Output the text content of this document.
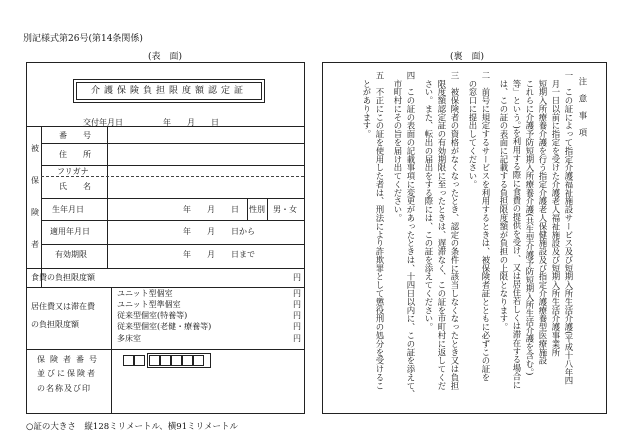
別記様式第26号(第14条関係)
(表　面)	(裏　面)
介護保険負担限度額認定証
交付年月日　　　　　年　　月　　日
被
保
険
者
番　　号
住　　所
フリガナ
氏　　名
生年月日	年　　月　　日 性別 男・女
適用年月日	年　　月　　日から
有効期限	年　　月　　日まで
食費の負担限度額	円
居住費又は滞在費
の負担限度額
ユニット型個室	円
ユニット型準個室	円
従来型個室(特養等)	円
従来型個室(老健・療養等)	円
多床室	円
保険者番号
並びに保険者
の名称及び印
○証の大きさ　縦128ミリメートル、横91ミリメートル
注 意 事 項
一　この証によって指定介護福祉施設サービス及び短期入所生活介護(平成十八年四
　月一日以前に指定を受けた介護老人福祉施設及び短期入所生活介護事業所
　短期入所療養介護を行う指定介護老人保健施設及び指定介護療養型医療施設
　これらに介護予防短期入所療養介護(共生型介護予防短期入所生活介護を含む。)
　等」という。)を利用する際に食費の提供を受け、又は居住若しくは滞在する場合に
　は、この証の表面に記載する負担限度額が負担の上限となります。
二　前号に規定するサービスを利用するときは、被保険者証とともに必ずこの証を
　の窓口に提出してください。
三　被保険者の資格がなくなったとき、認定の条件に該当しなくなったとき又は負担
　限度額認定証の有効期限に至ったときは、遅滞なく、この証を市町村に返してくだ
　さい。また、転出の届出をする際には、この証を添えてください。
四　この証の表面の記載事項に変更があったときは、十四日以内に、この証を添えて、
　市町村にその旨を届け出てください。
五　不正にこの証を使用した者は、刑法により詐欺罪として懲役刑の処分を受けるこ
　とがあります。
